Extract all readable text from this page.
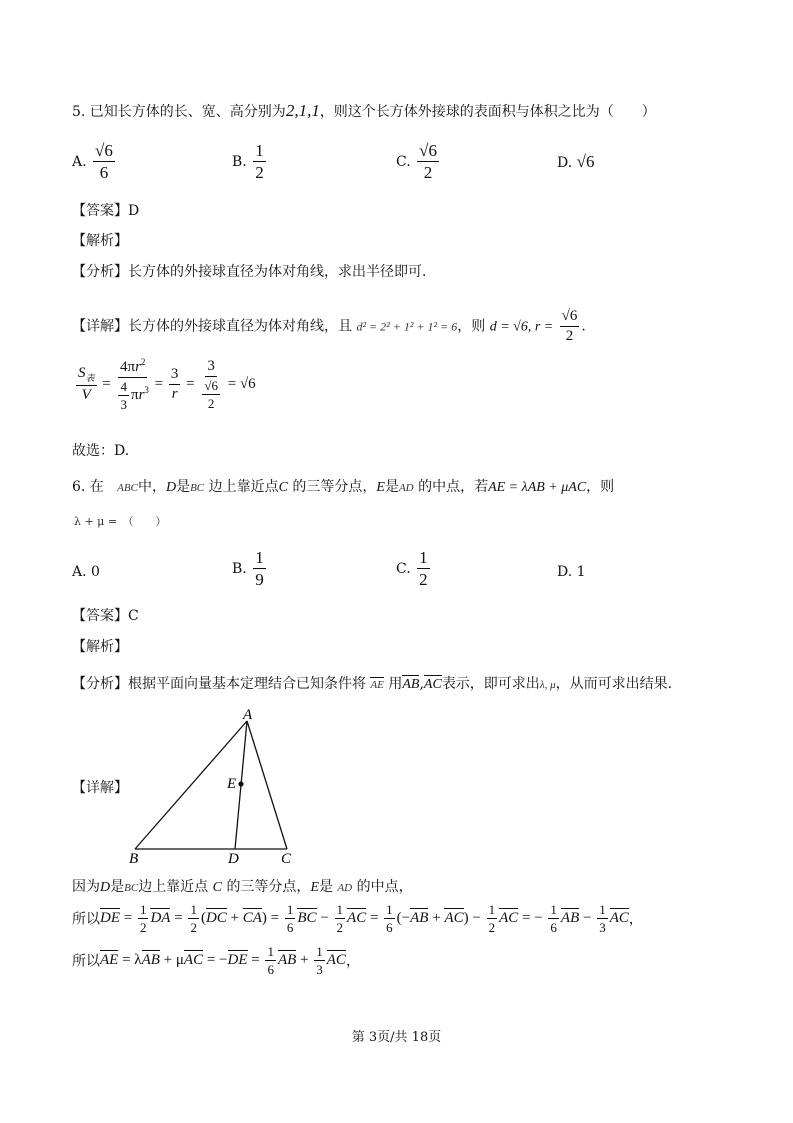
5. 已知长方体的长、宽、高分别为2,1,1，则这个长方体外接球的表面积与体积之比为（　　）
A. $\frac{√6}{6}$	B. $\frac{1}{2}$	C. $\frac{√6}{2}$	D. √6
【答案】D
【解析】
【分析】长方体的外接球直径为体对角线，求出半径即可.
【详解】长方体的外接球直径为体对角线，且 d² = 2² + 1² + 1² = 6，则 d = √6, $r = \frac{√6}{2}$ .
$\frac{S_表}{V} = \frac{4\pi r^2}{\frac{4}{3} \pi r^3} = \frac{3}{r} = \frac{3}{\frac{√6}{2}} = √6$
故选：D.
6. 在 ABC中，D是BC 边上靠近点C 的三等分点，E是AD 的中点，若AE = λAB + μAC，则
λ + μ =　（　　）
A. 0	B. $\frac{1}{9}$	C. $\frac{1}{2}$	D. 1
【答案】C
【解析】
【分析】根据平面向量基本定理结合已知条件将 AE 用AB,AC表示，即可求出λ, μ，从而可求出结果.
【详解】
A
B	D	C
E
因为D是BC边上靠近点 C 的三等分点，E是 AD 的中点，
所以DE = $\frac{1}{2}$ DA = $\frac{1}{2} (DC + CA) = \frac{1}{6}$ BC − $\frac{1}{2}$ AC = $\frac{1}{6} (-AB + AC) - \frac{1}{2}$ AC = − $\frac{1}{6}$ AB − $\frac{1}{3}$ AC，
所以AE = $\lambda AB + \mu AC = -DE = \frac{1}{6}$ AB + $\frac{1}{3}$ AC，
第 3页/共 18页
